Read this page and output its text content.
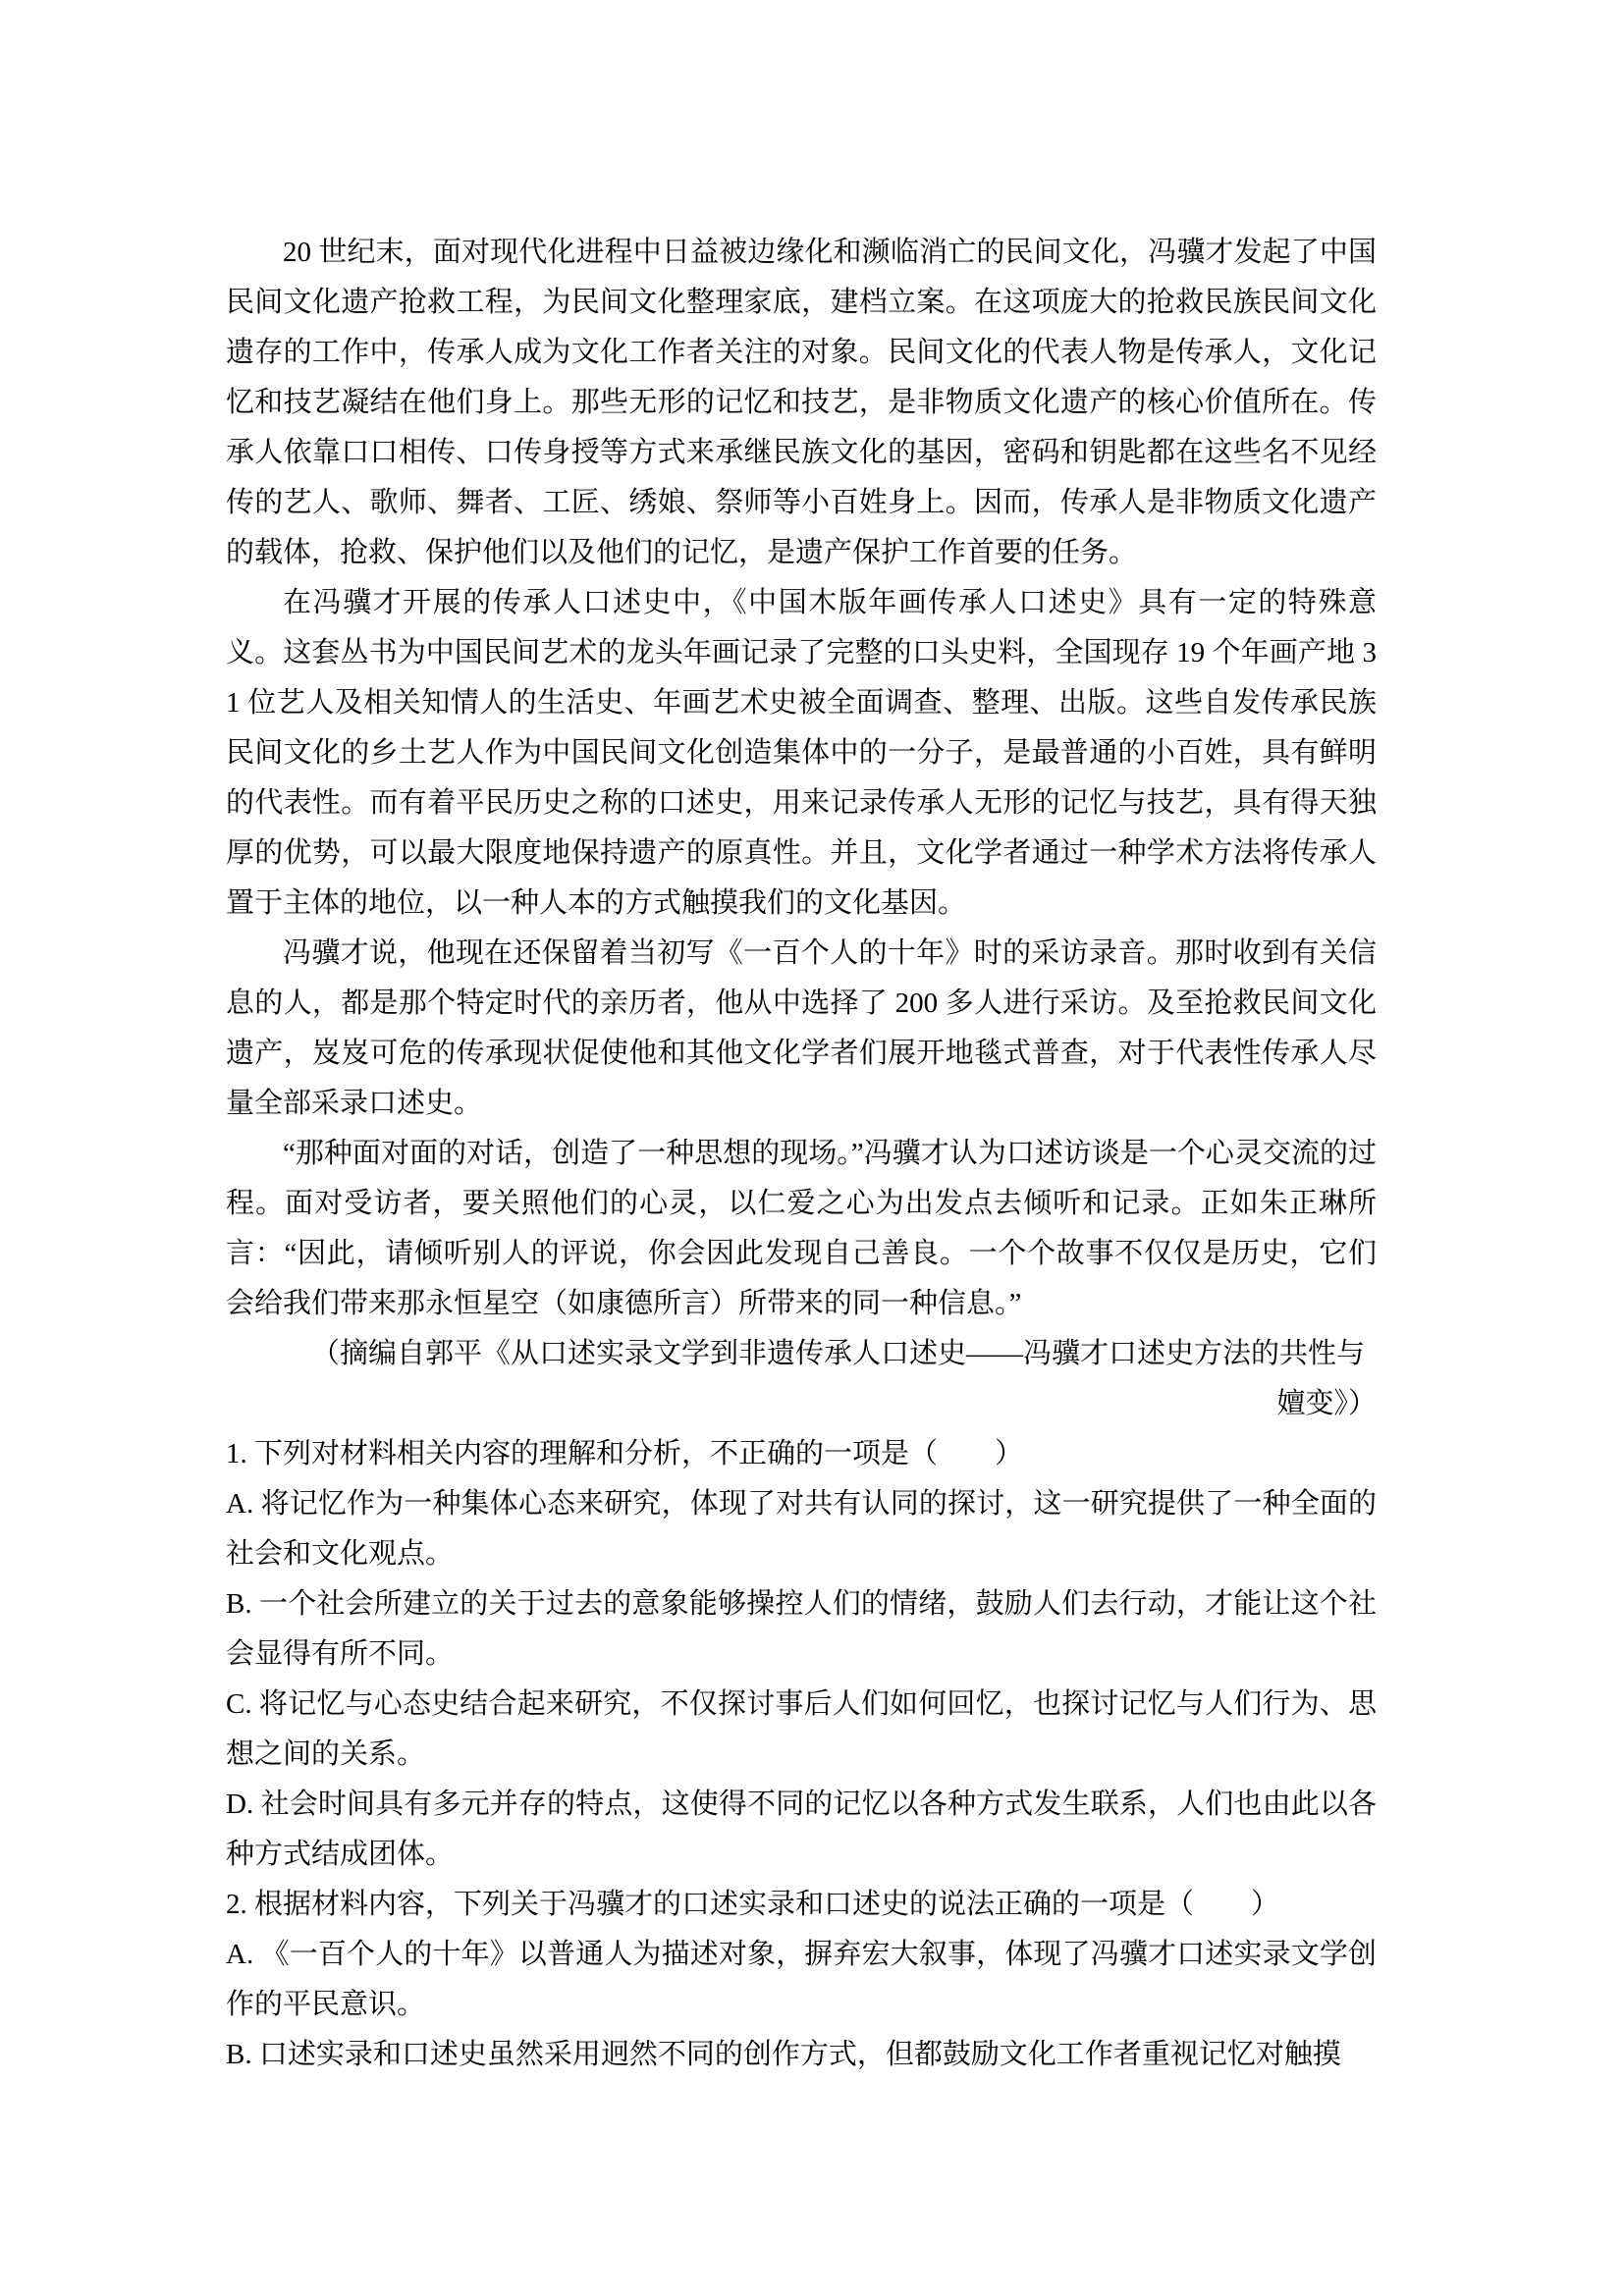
20 世纪末，面对现代化进程中日益被边缘化和濒临消亡的民间文化，冯骥才发起了中国民间文化遗产抢救工程，为民间文化整理家底，建档立案。在这项庞大的抢救民族民间文化遗存的工作中，传承人成为文化工作者关注的对象。民间文化的代表人物是传承人，文化记忆和技艺凝结在他们身上。那些无形的记忆和技艺，是非物质文化遗产的核心价值所在。传承人依靠口口相传、口传身授等方式来承继民族文化的基因，密码和钥匙都在这些名不见经传的艺人、歌师、舞者、工匠、绣娘、祭师等小百姓身上。因而，传承人是非物质文化遗产的载体，抢救、保护他们以及他们的记忆，是遗产保护工作首要的任务。

在冯骥才开展的传承人口述史中，《中国木版年画传承人口述史》具有一定的特殊意义。这套丛书为中国民间艺术的龙头年画记录了完整的口头史料，全国现存 19 个年画产地 31 位艺人及相关知情人的生活史、年画艺术史被全面调查、整理、出版。这些自发传承民族民间文化的乡土艺人作为中国民间文化创造集体中的一分子，是最普通的小百姓，具有鲜明的代表性。而有着平民历史之称的口述史，用来记录传承人无形的记忆与技艺，具有得天独厚的优势，可以最大限度地保持遗产的原真性。并且，文化学者通过一种学术方法将传承人置于主体的地位，以一种人本的方式触摸我们的文化基因。

冯骥才说，他现在还保留着当初写《一百个人的十年》时的采访录音。那时收到有关信息的人，都是那个特定时代的亲历者，他从中选择了 200 多人进行采访。及至抢救民间文化遗产，岌岌可危的传承现状促使他和其他文化学者们展开地毯式普查，对于代表性传承人尽量全部采录口述史。

“那种面对面的对话，创造了一种思想的现场。”冯骥才认为口述访谈是一个心灵交流的过程。面对受访者，要关照他们的心灵，以仁爱之心为出发点去倾听和记录。正如朱正琳所言：“因此，请倾听别人的评说，你会因此发现自己善良。一个个故事不仅仅是历史，它们会给我们带来那永恒星空（如康德所言）所带来的同一种信息。”

（摘编自郭平《从口述实录文学到非遗传承人口述史——冯骥才口述史方法的共性与

嬗变》）

1. 下列对材料相关内容的理解和分析，不正确的一项是（　　）

A. 将记忆作为一种集体心态来研究，体现了对共有认同的探讨，这一研究提供了一种全面的社会和文化观点。

B. 一个社会所建立的关于过去的意象能够操控人们的情绪，鼓励人们去行动，才能让这个社会显得有所不同。

C. 将记忆与心态史结合起来研究，不仅探讨事后人们如何回忆，也探讨记忆与人们行为、思想之间的关系。

D. 社会时间具有多元并存的特点，这使得不同的记忆以各种方式发生联系，人们也由此以各种方式结成团体。

2. 根据材料内容，下列关于冯骥才的口述实录和口述史的说法正确的一项是（　　）

A. 《一百个人的十年》以普通人为描述对象，摒弃宏大叙事，体现了冯骥才口述实录文学创作的平民意识。

B. 口述实录和口述史虽然采用迥然不同的创作方式，但都鼓励文化工作者重视记忆对触摸
